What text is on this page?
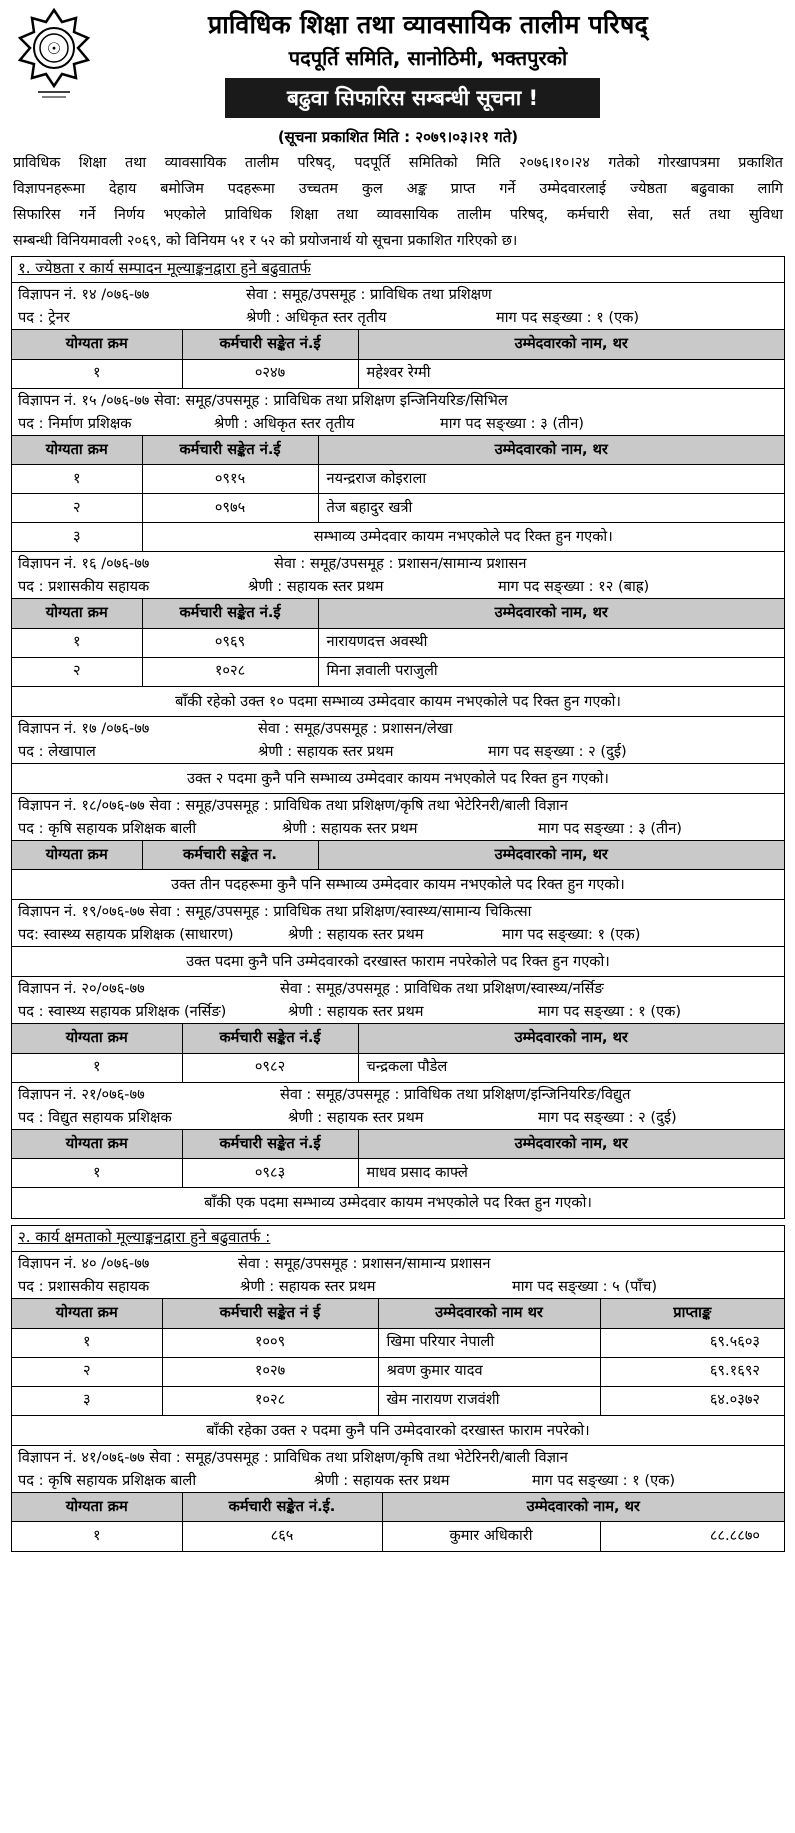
☉
प्राविधिक शिक्षा तथा व्यावसायिक तालीम परिषद्
पदपूर्ति समिति, सानोठिमी, भक्तपुरको
बढुवा सिफारिस सम्बन्धी सूचना !
(सूचना प्रकाशित मिति : २०७९।०३।२१ गते)
प्राविधिक शिक्षा तथा व्यावसायिक तालीम परिषद्, पदपूर्ति समितिको मिति २०७६।१०।२४ गतेको गोरखापत्रमा प्रकाशित
विज्ञापनहरूमा देहाय बमोजिम पदहरूमा उच्चतम कुल अङ्क प्राप्त गर्ने उम्मेदवारलाई ज्येष्ठता बढुवाका लागि
सिफारिस गर्ने निर्णय भएकोले प्राविधिक शिक्षा तथा व्यावसायिक तालीम परिषद्, कर्मचारी सेवा, सर्त तथा सुविधा
सम्बन्धी विनियमावली २०६९, को विनियम ५१ र ५२ को प्रयोजनार्थ यो सूचना प्रकाशित गरिएको छ।
१. ज्येष्ठता र कार्य सम्पादन मूल्याङ्कनद्वारा हुने बढुवातर्फ
विज्ञापन नं. १४ /०७६-७७	सेवा : समूह/उपसमूह : प्राविधिक तथा प्रशिक्षण
पद : ट्रेनर	श्रेणी : अधिकृत स्तर तृतीय	माग पद सङ्ख्या : १ (एक)
योग्यता क्रम	कर्मचारी सङ्केत नं.ई	उम्मेदवारको नाम, थर
१	०२४७	महेश्वर रेग्मी
विज्ञापन नं. १५ /०७६-७७ सेवा: समूह/उपसमूह : प्राविधिक तथा प्रशिक्षण इन्जिनियरिङ/सिभिल
पद : निर्माण प्रशिक्षक	श्रेणी : अधिकृत स्तर तृतीय	माग पद सङ्ख्या : ३ (तीन)
योग्यता क्रम	कर्मचारी सङ्केत नं.ई	उम्मेदवारको नाम, थर
१	०९१५	नयन्द्रराज कोइराला
२	०९७५	तेज बहादुर खत्री
३	सम्भाव्य उम्मेदवार कायम नभएकोले पद रिक्त हुन गएको।	
विज्ञापन नं. १६ /०७६-७७	सेवा : समूह/उपसमूह : प्रशासन/सामान्य प्रशासन
पद : प्रशासकीय सहायक	श्रेणी : सहायक स्तर प्रथम	माग पद सङ्ख्या : १२ (बाह्र)
योग्यता क्रम	कर्मचारी सङ्केत नं.ई	उम्मेदवारको नाम, थर
१	०९६९	नारायणदत्त अवस्थी
२	१०२८	मिना ज्ञवाली पराजुली
बाँकी रहेको उक्त १० पदमा सम्भाव्य उम्मेदवार कायम नभएकोले पद रिक्त हुन गएको।
विज्ञापन नं. १७ /०७६-७७	सेवा : समूह/उपसमूह : प्रशासन/लेखा
पद : लेखापाल	श्रेणी : सहायक स्तर प्रथम	माग पद सङ्ख्या : २ (दुई)
उक्त २ पदमा कुनै पनि सम्भाव्य उम्मेदवार कायम नभएकोले पद रिक्त हुन गएको।
विज्ञापन नं. १८/०७६-७७ सेवा : समूह/उपसमूह : प्राविधिक तथा प्रशिक्षण/कृषि तथा भेटेरिनरी/बाली विज्ञान
पद : कृषि सहायक प्रशिक्षक बाली	श्रेणी : सहायक स्तर प्रथम	माग पद सङ्ख्या : ३ (तीन)
योग्यता क्रम	कर्मचारी सङ्केत न.	उम्मेदवारको नाम, थर
उक्त तीन पदहरूमा कुनै पनि सम्भाव्य उम्मेदवार कायम नभएकोले पद रिक्त हुन गएको।
विज्ञापन नं. १९/०७६-७७ सेवा : समूह/उपसमूह : प्राविधिक तथा प्रशिक्षण/स्वास्थ्य/सामान्य चिकित्सा
पद: स्वास्थ्य सहायक प्रशिक्षक (साधारण)	श्रेणी : सहायक स्तर प्रथम	माग पद सङ्ख्या: १ (एक)
उक्त पदमा कुनै पनि उम्मेदवारको दरखास्त फाराम नपरेकोले पद रिक्त हुन गएको।
विज्ञापन नं. २०/०७६-७७	सेवा : समूह/उपसमूह : प्राविधिक तथा प्रशिक्षण/स्वास्थ्य/नर्सिङ
पद : स्वास्थ्य सहायक प्रशिक्षक (नर्सिङ)	श्रेणी : सहायक स्तर प्रथम	माग पद सङ्ख्या : १ (एक)
योग्यता क्रम	कर्मचारी सङ्केत नं.ई	उम्मेदवारको नाम, थर
१	०९८२	चन्द्रकला पौडेल
विज्ञापन नं. २१/०७६-७७	सेवा : समूह/उपसमूह : प्राविधिक तथा प्रशिक्षण/इन्जिनियरिङ/विद्युत
पद : विद्युत सहायक प्रशिक्षक	श्रेणी : सहायक स्तर प्रथम	माग पद सङ्ख्या : २ (दुई)
योग्यता क्रम	कर्मचारी सङ्केत नं.ई	उम्मेदवारको नाम, थर
१	०९८३	माधव प्रसाद काफ्ले
बाँकी एक पदमा सम्भाव्य उम्मेदवार कायम नभएकोले पद रिक्त हुन गएको।
२. कार्य क्षमताको मूल्याङ्कनद्वारा हुने बढुवातर्फ :
विज्ञापन नं. ४० /०७६-७७	सेवा : समूह/उपसमूह : प्रशासन/सामान्य प्रशासन
पद : प्रशासकीय सहायक	श्रेणी : सहायक स्तर प्रथम	माग पद सङ्ख्या : ५ (पाँच)
योग्यता क्रम	कर्मचारी सङ्केत नं ई	उम्मेदवारको नाम थर	प्राप्ताङ्क
१	१००९	खिमा परियार नेपाली	६९.५६०३
२	१०२७	श्रवण कुमार यादव	६९.१६९२
३	१०२८	खेम नारायण राजवंशी	६४.०३७२
बाँकी रहेका उक्त २ पदमा कुनै पनि उम्मेदवारको दरखास्त फाराम नपरेको।
विज्ञापन नं. ४१/०७६-७७ सेवा : समूह/उपसमूह : प्राविधिक तथा प्रशिक्षण/कृषि तथा भेटेरिनरी/बाली विज्ञान
पद : कृषि सहायक प्रशिक्षक बाली	श्रेणी : सहायक स्तर प्रथम	माग पद सङ्ख्या : १ (एक)
योग्यता क्रम	कर्मचारी सङ्केत नं.ई.	उम्मेदवारको नाम, थर	
१	८६५	कुमार अधिकारी	८८.८८७०
